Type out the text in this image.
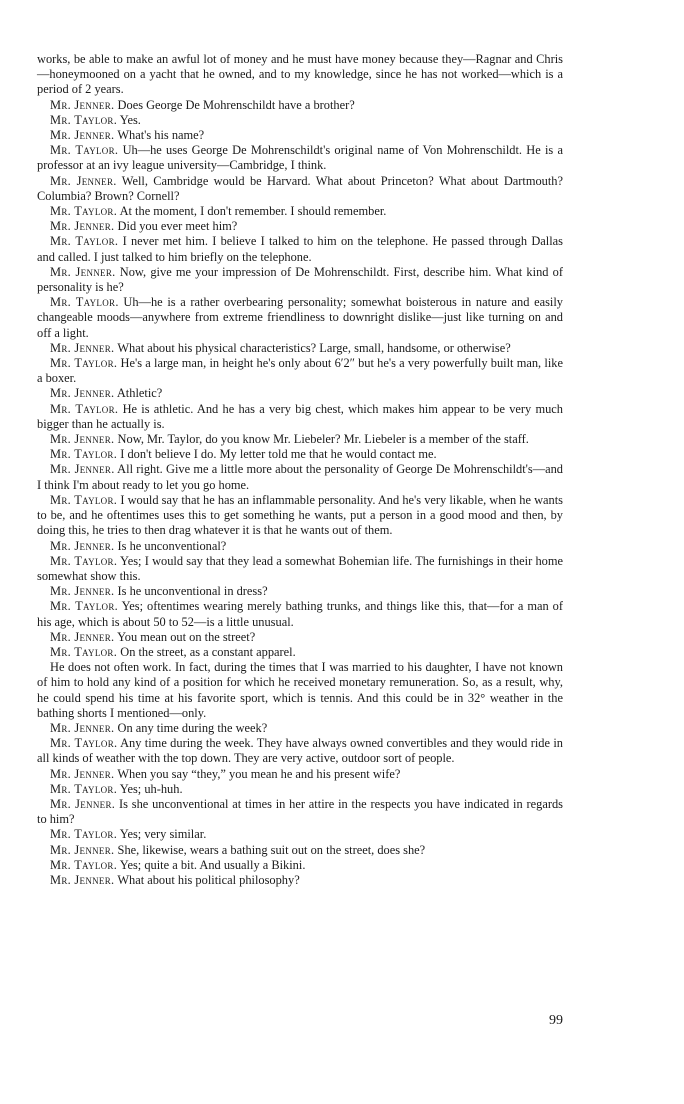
works, be able to make an awful lot of money and he must have money because they—Ragnar and Chris—honeymooned on a yacht that he owned, and to my knowledge, since he has not worked—which is a period of 2 years.

Mr. Jenner. Does George De Mohrenschildt have a brother?

Mr. Taylor. Yes.

Mr. Jenner. What's his name?

Mr. Taylor. Uh—he uses George De Mohrenschildt's original name of Von Mohrenschildt. He is a professor at an ivy league university—Cambridge, I think.

Mr. Jenner. Well, Cambridge would be Harvard. What about Princeton? What about Dartmouth? Columbia? Brown? Cornell?

Mr. Taylor. At the moment, I don't remember. I should remember.

Mr. Jenner. Did you ever meet him?

Mr. Taylor. I never met him. I believe I talked to him on the telephone. He passed through Dallas and called. I just talked to him briefly on the telephone.

Mr. Jenner. Now, give me your impression of De Mohrenschildt. First, describe him. What kind of personality is he?

Mr. Taylor. Uh—he is a rather overbearing personality; somewhat boisterous in nature and easily changeable moods—anywhere from extreme friendliness to downright dislike—just like turning on and off a light.

Mr. Jenner. What about his physical characteristics? Large, small, handsome, or otherwise?

Mr. Taylor. He's a large man, in height he's only about 6′2″ but he's a very powerfully built man, like a boxer.

Mr. Jenner. Athletic?

Mr. Taylor. He is athletic. And he has a very big chest, which makes him appear to be very much bigger than he actually is.

Mr. Jenner. Now, Mr. Taylor, do you know Mr. Liebeler? Mr. Liebeler is a member of the staff.

Mr. Taylor. I don't believe I do. My letter told me that he would contact me.

Mr. Jenner. All right. Give me a little more about the personality of George De Mohrenschildt's—and I think I'm about ready to let you go home.

Mr. Taylor. I would say that he has an inflammable personality. And he's very likable, when he wants to be, and he oftentimes uses this to get something he wants, put a person in a good mood and then, by doing this, he tries to then drag whatever it is that he wants out of them.

Mr. Jenner. Is he unconventional?

Mr. Taylor. Yes; I would say that they lead a somewhat Bohemian life. The furnishings in their home somewhat show this.

Mr. Jenner. Is he unconventional in dress?

Mr. Taylor. Yes; oftentimes wearing merely bathing trunks, and things like this, that—for a man of his age, which is about 50 to 52—is a little unusual.

Mr. Jenner. You mean out on the street?

Mr. Taylor. On the street, as a constant apparel.

He does not often work. In fact, during the times that I was married to his daughter, I have not known of him to hold any kind of a position for which he received monetary remuneration. So, as a result, why, he could spend his time at his favorite sport, which is tennis. And this could be in 32° weather in the bathing shorts I mentioned—only.

Mr. Jenner. On any time during the week?

Mr. Taylor. Any time during the week. They have always owned convertibles and they would ride in all kinds of weather with the top down. They are very active, outdoor sort of people.

Mr. Jenner. When you say “they,” you mean he and his present wife?

Mr. Taylor. Yes; uh-huh.

Mr. Jenner. Is she unconventional at times in her attire in the respects you have indicated in regards to him?

Mr. Taylor. Yes; very similar.

Mr. Jenner. She, likewise, wears a bathing suit out on the street, does she?

Mr. Taylor. Yes; quite a bit. And usually a Bikini.

Mr. Jenner. What about his political philosophy?

99
